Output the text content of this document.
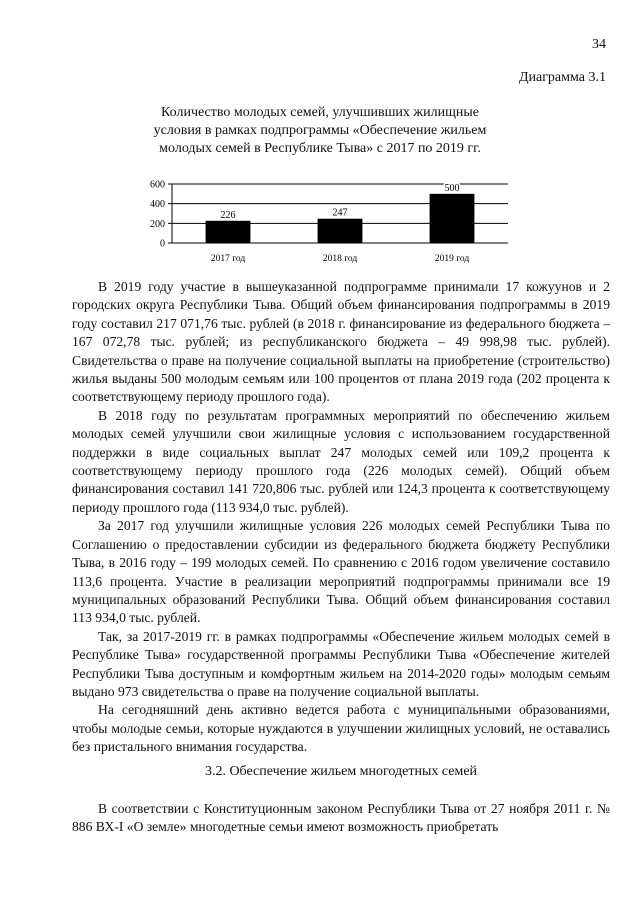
34
Диаграмма 3.1
Количество молодых семей, улучшивших жилищные
условия в рамках подпрограммы «Обеспечение жильем
молодых семей в Республике Тыва» с 2017 по 2019 гг.
0
200
400
600
226
2017 год
247
2018 год
500
2019 год

В 2019 году участие в вышеуказанной подпрограмме принимали 17 кожуунов и 2 городских округа Республики Тыва. Общий объем финансирования подпрограммы в 2019 году составил 217 071,76 тыс. рублей (в 2018 г. финансирование из федерального бюджета – 167 072,78 тыс. рублей; из республиканского бюджета – 49 998,98 тыс. рублей). Свидетельства о праве на получение социальной выплаты на приобретение (строительство) жилья выданы 500 молодым семьям или 100 процентов от плана 2019 года (202 процента к соответствующему периоду прошлого года).

В 2018 году по результатам программных мероприятий по обеспечению жильем молодых семей улучшили свои жилищные условия с использованием государственной поддержки в виде социальных выплат 247 молодых семей или 109,2 процента к соответствующему периоду прошлого года (226 молодых семей). Общий объем финансирования составил 141 720,806 тыс. рублей или 124,3 процента к соответствующему периоду прошлого года (113 934,0 тыс. рублей).

За 2017 год улучшили жилищные условия 226 молодых семей Республики Тыва по Соглашению о предоставлении субсидии из федерального бюджета бюджету Республики Тыва, в 2016 году – 199 молодых семей. По сравнению с 2016 годом увеличение составило 113,6 процента. Участие в реализации мероприятий подпрограммы принимали все 19 муниципальных образований Республики Тыва. Общий объем финансирования составил 113 934,0 тыс. рублей.

Так, за 2017-2019 гг. в рамках подпрограммы «Обеспечение жильем молодых семей в Республике Тыва» государственной программы Республики Тыва «Обеспечение жителей Республики Тыва доступным и комфортным жильем на 2014-2020 годы» молодым семьям выдано 973 свидетельства о праве на получение социальной выплаты.

На сегодняшний день активно ведется работа с муниципальными образованиями, чтобы молодые семьи, которые нуждаются в улучшении жилищных условий, не оставались без пристального внимания государства.

3.2. Обеспечение жильем многодетных семей

В соответствии с Конституционным законом Республики Тыва от 27 ноября 2011 г. № 886 ВХ-I «О земле» многодетные семьи имеют возможность приобретать
